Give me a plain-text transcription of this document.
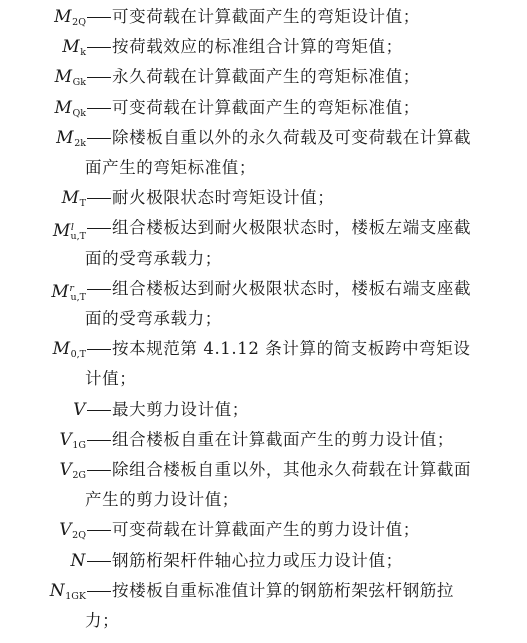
$M_{2Q}$ 可变荷载在计算截面产生的弯矩设计值；
$M_k$ 按荷载效应的标准组合计算的弯矩值；
$M_{Gk}$ 永久荷载在计算截面产生的弯矩标准值；
$M_{Qk}$ 可变荷载在计算截面产生的弯矩标准值；
$M_{2k}$ 除楼板自重以外的永久荷载及可变荷载在计算截
面产生的弯矩标准值；
$M_T$ 耐火极限状态时弯矩设计值；
$M^l_{u,T}$ 组合楼板达到耐火极限状态时，楼板左端支座截
面的受弯承载力；
$M^r_{u,T}$ 组合楼板达到耐火极限状态时，楼板右端支座截
面的受弯承载力；
$M_{0,T}$ 按本规范第 4.1.12 条计算的简支板跨中弯矩设
计值；
V 最大剪力设计值；
$V_{1G}$ 组合楼板自重在计算截面产生的剪力设计值；
$V_{2G}$ 除组合楼板自重以外，其他永久荷载在计算截面
产生的剪力设计值；
$V_{2Q}$ 可变荷载在计算截面产生的剪力设计值；
N 钢筋桁架杆件轴心拉力或压力设计值；
$N_{1GK}$ 按楼板自重标准值计算的钢筋桁架弦杆钢筋拉
力；
